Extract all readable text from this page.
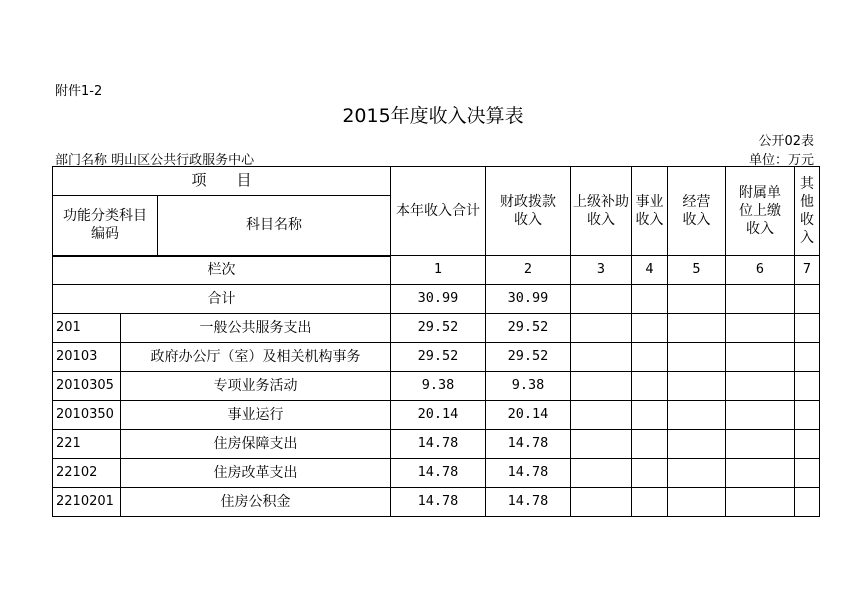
附件1-2
2015年度收入决算表
公开02表
部门名称 明山区公共行政服务中心	单位：万元
项　　目			本年收入合计	财政拨款收入	上级补助收入	事业收入	经营收入	附属单位上缴收入	其他收入
功能分类科目编码		科目名称							

栏次			1	2	3	4	5	6	7
合计			30.99	30.99					
201	一般公共服务支出		29.52	29.52					
20103	政府办公厅（室）及相关机构事务		29.52	29.52					
2010305	专项业务活动		9.38	9.38					
2010350	事业运行		20.14	20.14					
221	住房保障支出		14.78	14.78					
22102	住房改革支出		14.78	14.78					
2210201	住房公积金		14.78	14.78					
